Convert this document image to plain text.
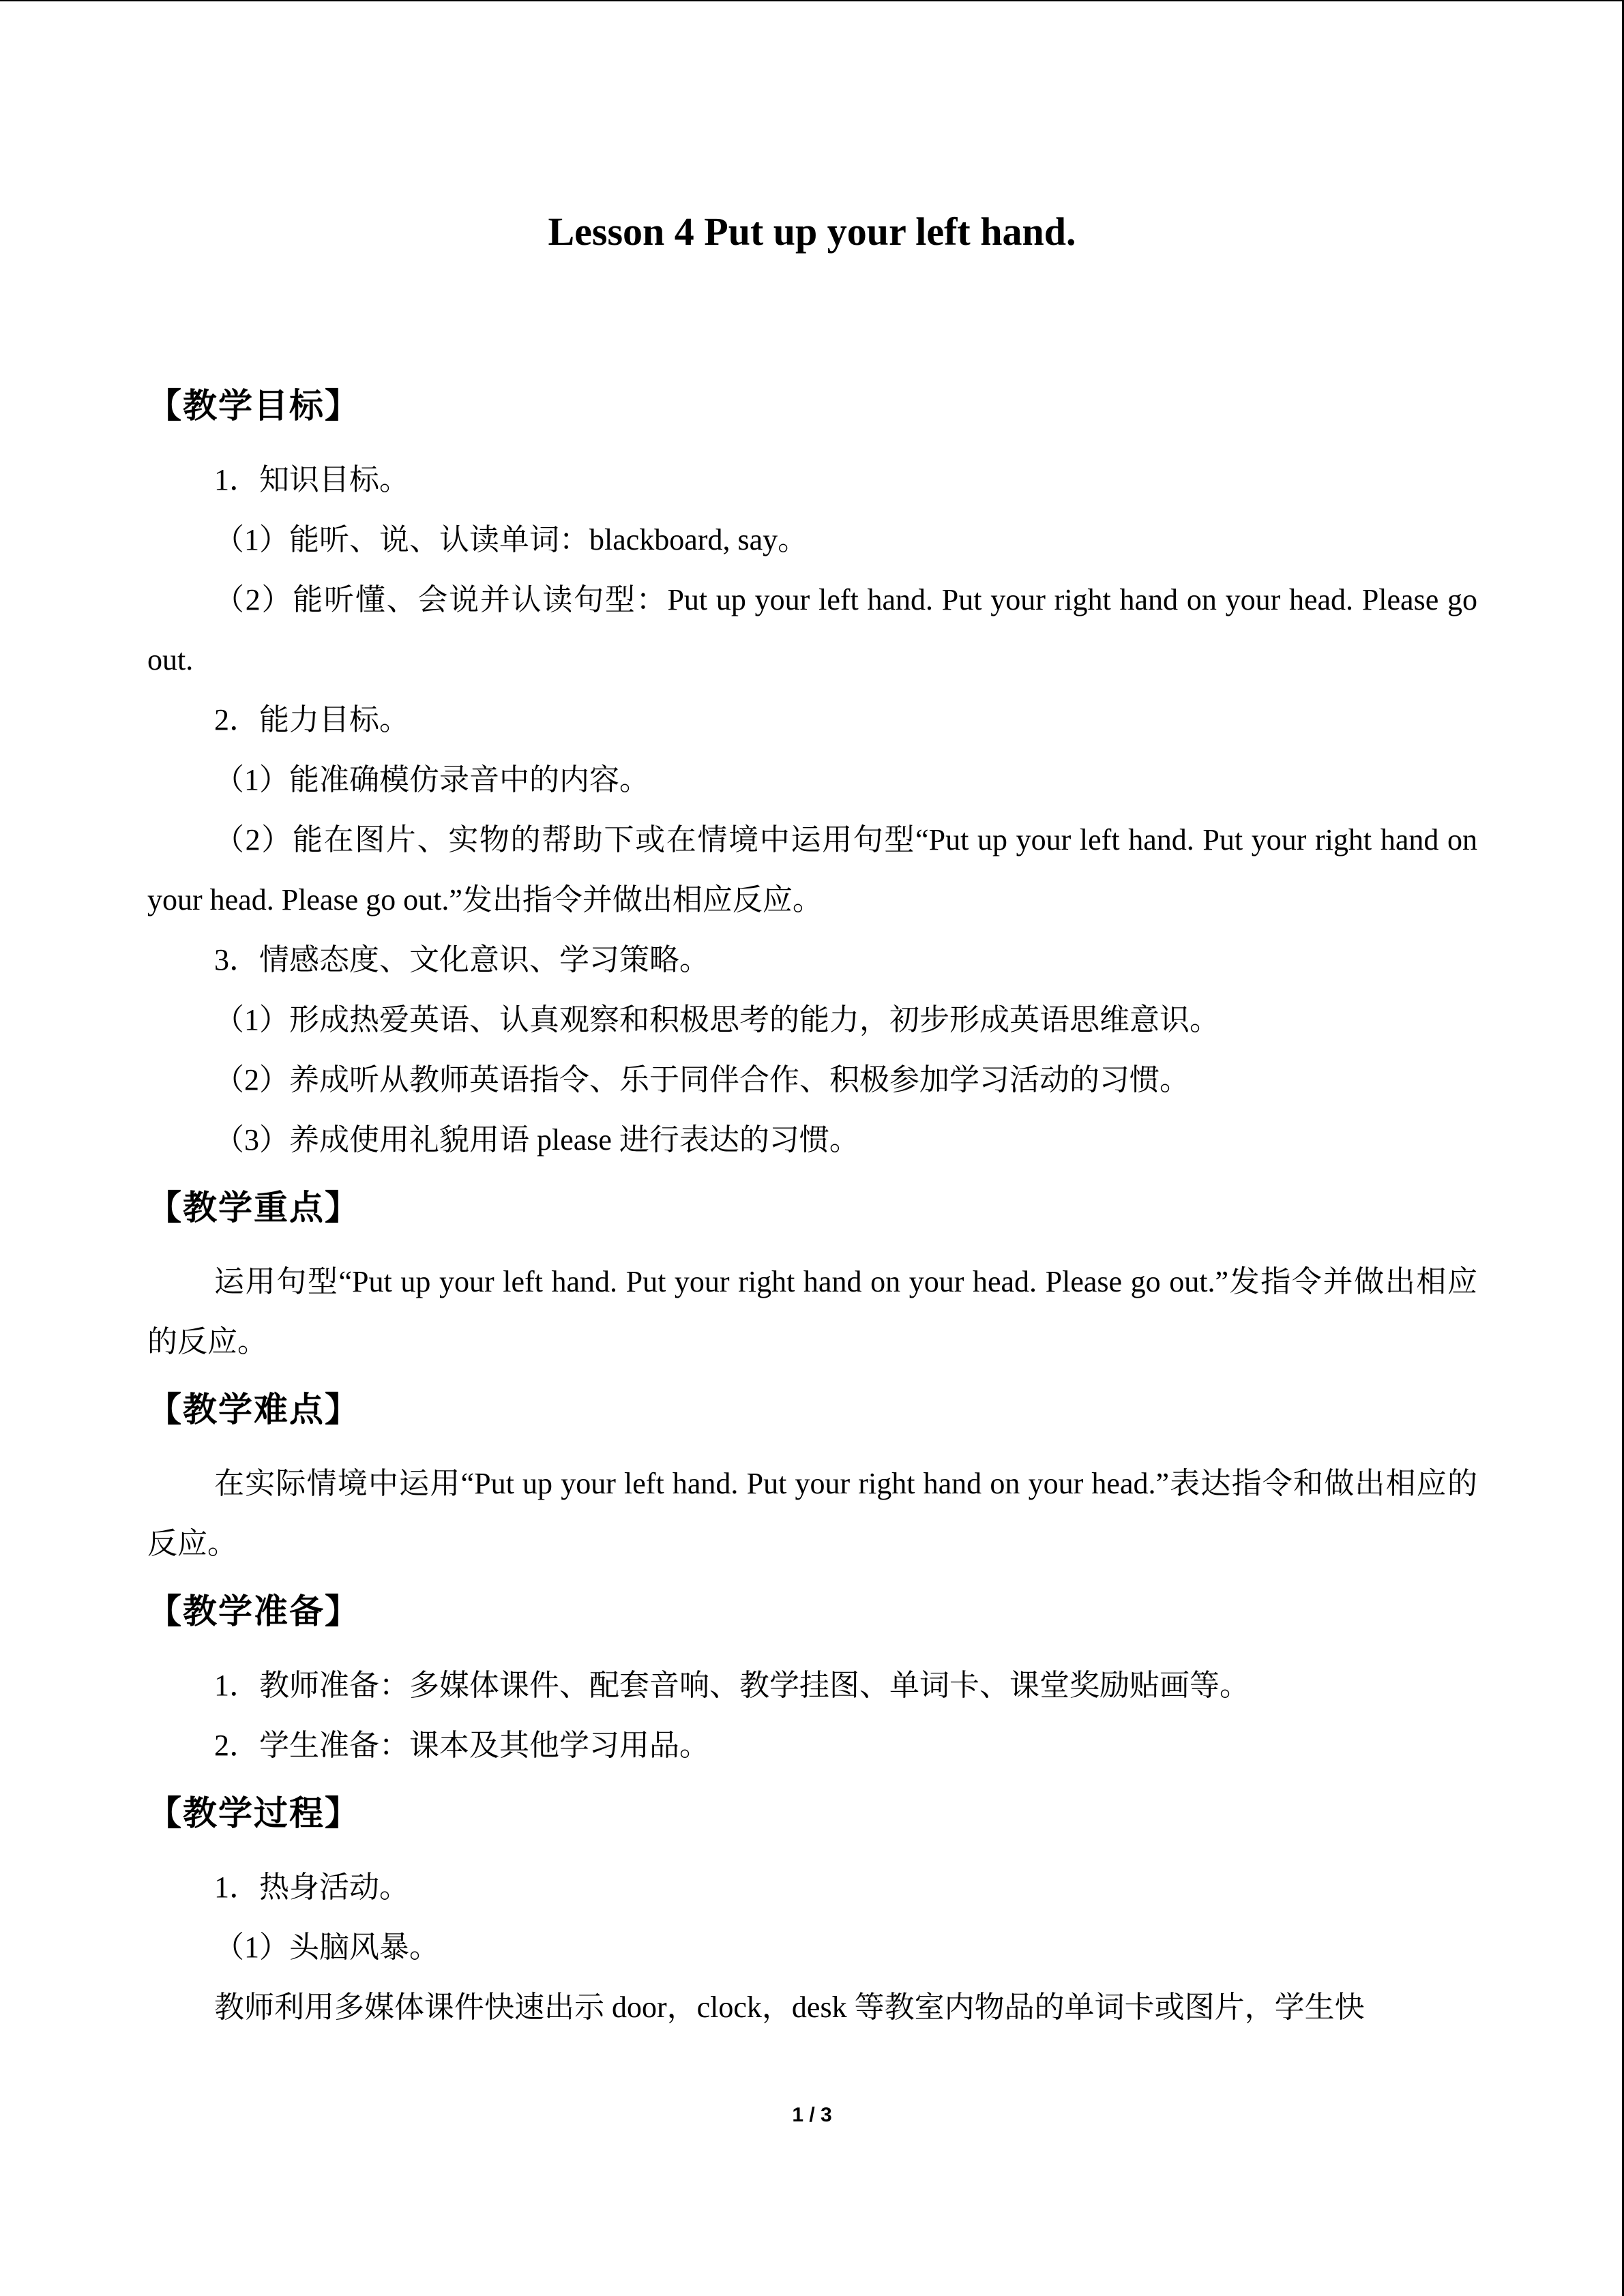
Lesson 4 Put up your left hand.

【教学目标】

1．知识目标。

（1）能听、说、认读单词：blackboard, say。

（2）能听懂、会说并认读句型：Put up your left hand. Put your right hand on your head. Please go out.

2．能力目标。

（1）能准确模仿录音中的内容。

（2）能在图片、实物的帮助下或在情境中运用句型“Put up your left hand. Put your right hand on your head. Please go out.”发出指令并做出相应反应。

3．情感态度、文化意识、学习策略。

（1）形成热爱英语、认真观察和积极思考的能力，初步形成英语思维意识。

（2）养成听从教师英语指令、乐于同伴合作、积极参加学习活动的习惯。

（3）养成使用礼貌用语 please 进行表达的习惯。

【教学重点】

运用句型“Put up your left hand. Put your right hand on your head. Please go out.”发指令并做出相应的反应。

【教学难点】

在实际情境中运用“Put up your left hand. Put your right hand on your head.”表达指令和做出相应的反应。

【教学准备】

1．教师准备：多媒体课件、配套音响、教学挂图、单词卡、课堂奖励贴画等。

2．学生准备：课本及其他学习用品。

【教学过程】

1．热身活动。

（1）头脑风暴。

教师利用多媒体课件快速出示 door，clock，desk 等教室内物品的单词卡或图片，学生快

1 / 3
